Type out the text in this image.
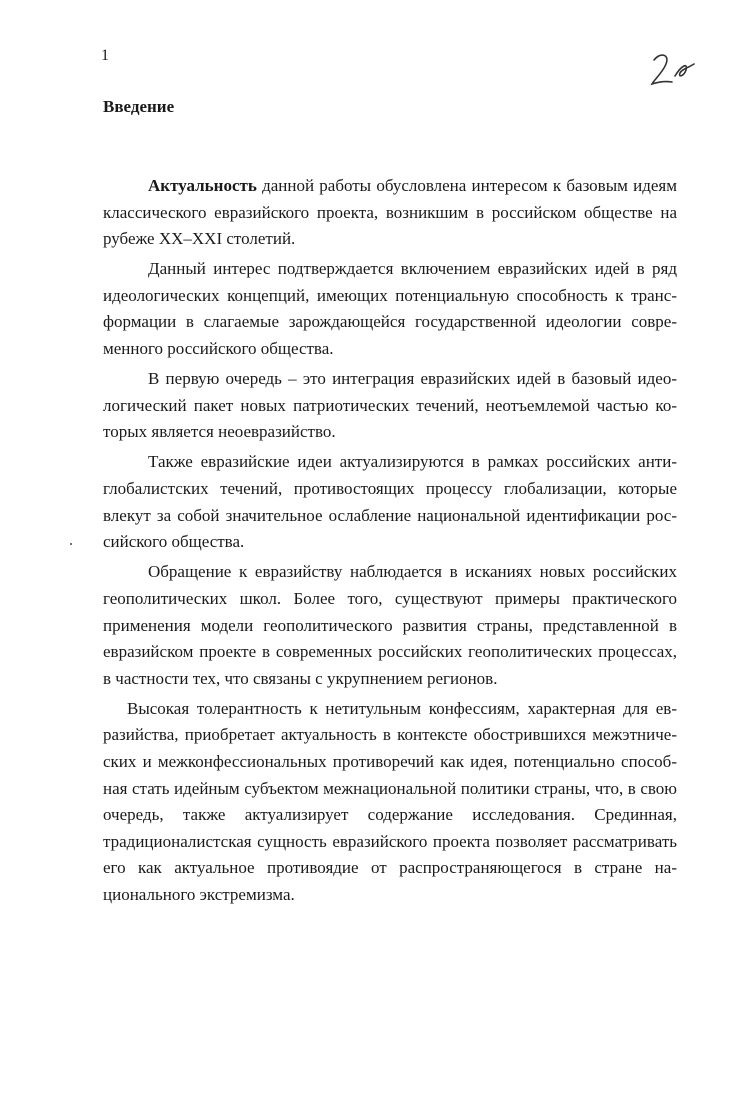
1
Введение

Актуальность данной работы обусловлена интересом к базовым идеям классического евразийского проекта, возникшим в российском обществе на рубеже XX–XXI столетий.

Данный интерес подтверждается включением евразийских идей в ряд идеологических концепций, имеющих потенциальную способность к трансформации в слагаемые зарождающейся государственной идеологии современного российского общества.

В первую очередь – это интеграция евразийских идей в базовый идеологический пакет новых патриотических течений, неотъемлемой частью которых является неоевразийство.

Также евразийские идеи актуализируются в рамках российских антиглобалистских течений, противостоящих процессу глобализации, которые влекут за собой значительное ослабление национальной идентификации российского общества.

Обращение к евразийству наблюдается в исканиях новых российских геополитических школ. Более того, существуют примеры практического применения модели геополитического развития страны, представленной в евразийском проекте в современных российских геополитических процессах, в частности тех, что связаны с укрупнением регионов.

Высокая толерантность к нетитульным конфессиям, характерная для евразийства, приобретает актуальность в контексте обострившихся межэтнических и межконфессиональных противоречий как идея, потенциально способная стать идейным субъектом межнациональной политики страны, что, в свою очередь, также актуализирует содержание исследования. Срединная, традиционалистская сущность евразийского проекта позволяет рассматривать его как актуальное противоядие от распространяющегося в стране национального экстремизма.
